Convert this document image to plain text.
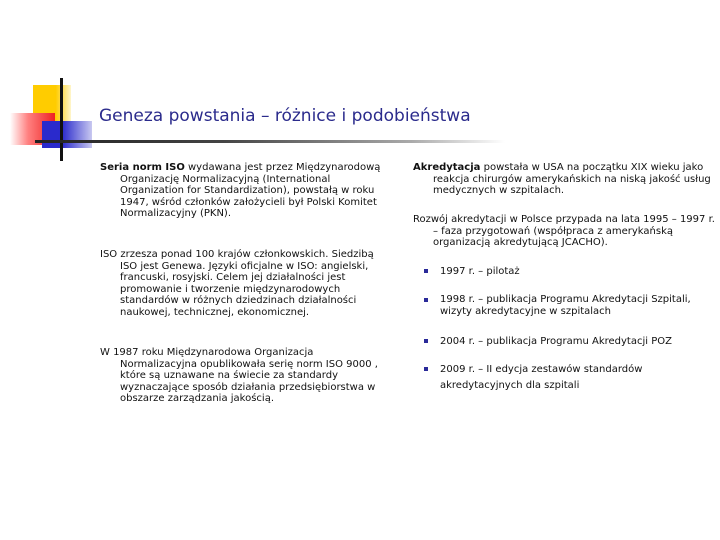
Geneza powstania – różnice i podobieństwa
Seria norm ISO wydawana jest przez Międzynarodową Organizację Normalizacyjną (International Organization for Standardization), powstałą w roku 1947, wśród członków założycieli był Polski Komitet Normalizacyjny (PKN).
ISO zrzesza ponad 100 krajów członkowskich. Siedzibą ISO jest Genewa. Języki oficjalne w ISO: angielski, francuski, rosyjski. Celem jej działalności jest promowanie i tworzenie międzynarodowych standardów w różnych dziedzinach działalności naukowej, technicznej, ekonomicznej.
W 1987 roku Międzynarodowa Organizacja Normalizacyjna opublikowała serię norm ISO 9000 , które są uznawane na świecie za standardy wyznaczające sposób działania przedsiębiorstwa w obszarze zarządzania jakością.
Akredytacja powstała w USA na początku XIX wieku jako reakcja chirurgów amerykańskich na niską jakość usług medycznych w szpitalach.
Rozwój akredytacji w Polsce przypada na lata 1995 – 1997 r. – faza przygotowań (współpraca z amerykańską organizacją akredytującą JCACHO).
1997 r. – pilotaż
1998 r. – publikacja Programu Akredytacji Szpitali, wizyty akredytacyjne w szpitalach
2004 r. – publikacja Programu Akredytacji POZ
2009 r. – II edycja zestawów standardów akredytacyjnych dla szpitali
